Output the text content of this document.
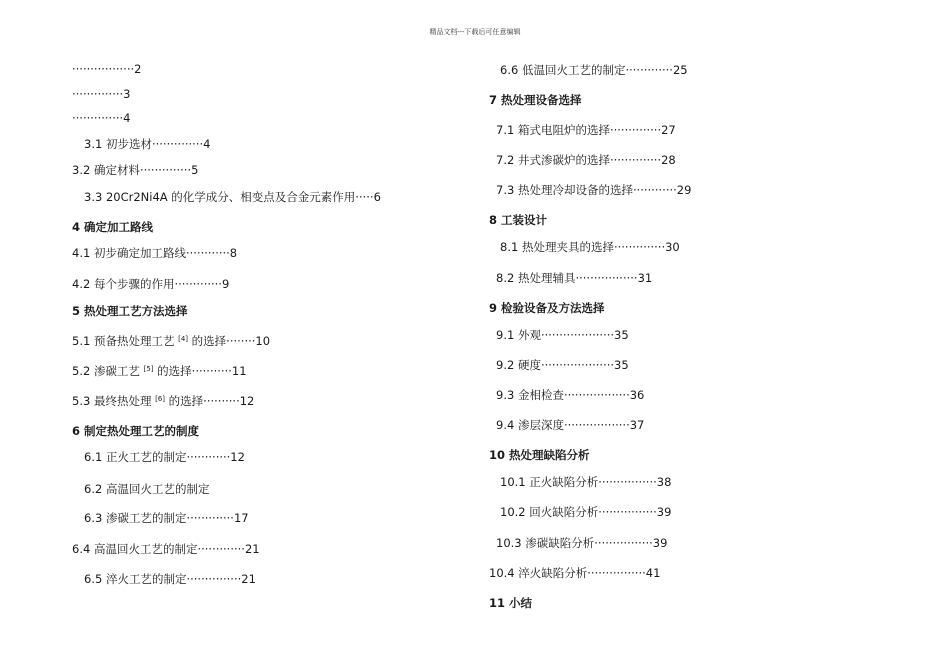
精品文档---下载后可任意编辑
·················2
··············3
··············4
3.1 初步选材··············4
3.2 确定材料··············5
3.3 20Cr2Ni4A 的化学成分、相变点及合金元素作用·····6
4 确定加工路线
4.1 初步确定加工路线············8
4.2 每个步骤的作用·············9
5 热处理工艺方法选择
5.1 预备热处理工艺 [4] 的选择········10
5.2 渗碳工艺 [5] 的选择···········11
5.3 最终热处理 [6] 的选择··········12
6 制定热处理工艺的制度
6.1 正火工艺的制定············12
6.2 高温回火工艺的制定
6.3 渗碳工艺的制定·············17
6.4 高温回火工艺的制定·············21
6.5 淬火工艺的制定···············21
6.6 低温回火工艺的制定·············25
7 热处理设备选择
7.1 箱式电阻炉的选择··············27
7.2 井式渗碳炉的选择··············28
7.3 热处理冷却设备的选择············29
8 工装设计
8.1 热处理夹具的选择··············30
8.2 热处理辅具·················31
9 检验设备及方法选择
9.1 外观····················35
9.2 硬度····················35
9.3 金相检查··················36
9.4 渗层深度··················37
10 热处理缺陷分析
10.1 正火缺陷分析················38
10.2 回火缺陷分析················39
10.3 渗碳缺陷分析················39
10.4 淬火缺陷分析················41
11 小结
